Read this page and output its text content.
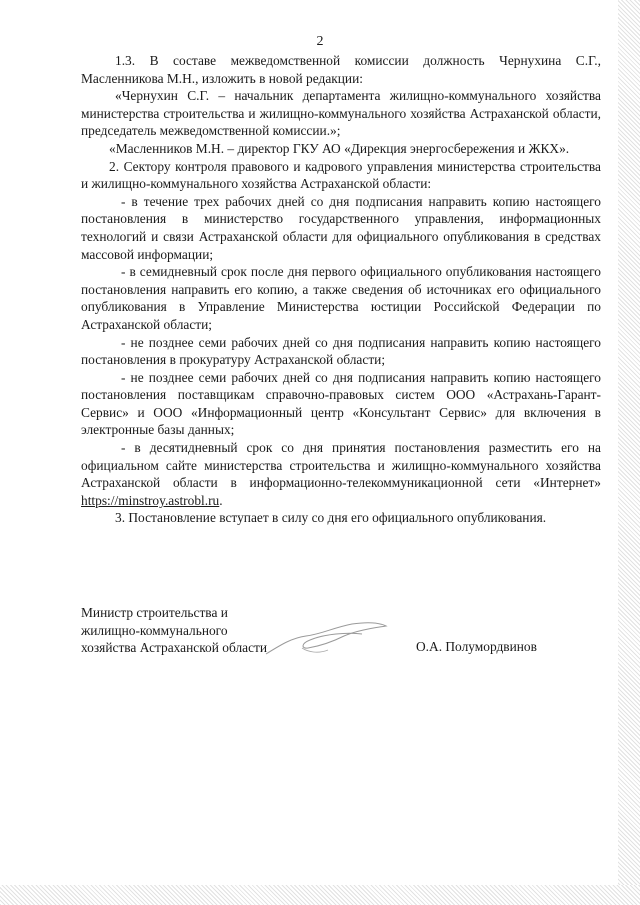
2

1.3. В составе межведомственной комиссии должность Чернухина С.Г., Масленникова М.Н., изложить в новой редакции:

«Чернухин С.Г. – начальник департамента жилищно-коммунального хозяйства министерства строительства и жилищно-коммунального хозяйства Астраханской области, председатель межведомственной комиссии.»;

«Масленников М.Н. – директор ГКУ АО «Дирекция энергосбережения и ЖКХ».

2. Сектору контроля правового и кадрового управления министерства строительства и жилищно-коммунального хозяйства Астраханской области:

- в течение трех рабочих дней со дня подписания направить копию настоящего постановления в министерство государственного управления, информационных технологий и связи Астраханской области для официального опубликования в средствах массовой информации;

- в семидневный срок после дня первого официального опубликования настоящего постановления направить его копию, а также сведения об источниках его официального опубликования в Управление Министерства юстиции Российской Федерации по Астраханской области;

- не позднее семи рабочих дней со дня подписания направить копию настоящего постановления в прокуратуру Астраханской области;

- не позднее семи рабочих дней со дня подписания направить копию настоящего постановления поставщикам справочно-правовых систем ООО «Астрахань-Гарант-Сервис» и ООО «Информационный центр «Консультант Сервис» для включения в электронные базы данных;

- в десятидневный срок со дня принятия постановления разместить его на официальном сайте министерства строительства и жилищно-коммунального хозяйства Астраханской области в информационно-телекоммуникационной сети «Интернет» https://minstroy.astrobl.ru.

3. Постановление вступает в силу со дня его официального опубликования.

Министр строительства и
жилищно-коммунального
хозяйства Астраханской области	О.А. Полумордвинов
